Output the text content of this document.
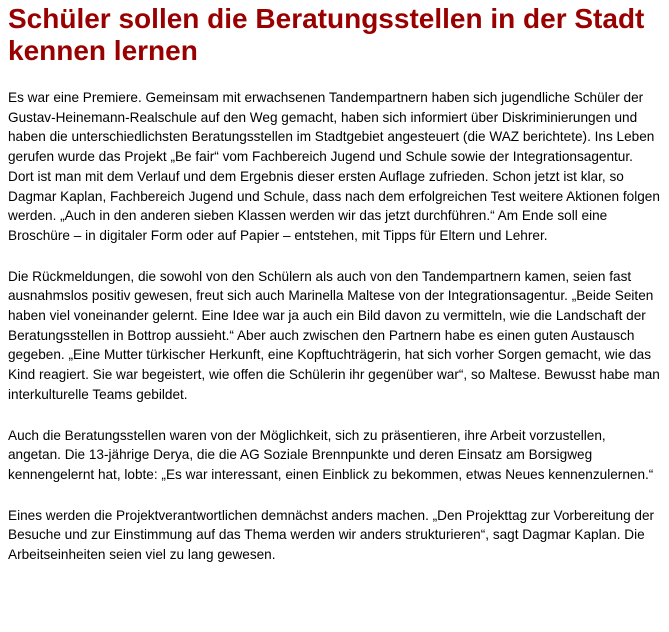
Schüler sollen die Beratungsstellen in der Stadt kennen lernen

Es war eine Premiere. Gemeinsam mit erwachsenen Tandempartnern haben sich jugendliche Schüler der Gustav-Heinemann-Realschule auf den Weg gemacht, haben sich informiert über Diskriminierungen und haben die unterschiedlichsten Beratungsstellen im Stadtgebiet angesteuert (die WAZ berichtete). Ins Leben gerufen wurde das Projekt „Be fair“ vom Fachbereich Jugend und Schule sowie der Integrationsagentur. Dort ist man mit dem Verlauf und dem Ergebnis dieser ersten Auflage zufrieden. Schon jetzt ist klar, so Dagmar Kaplan, Fachbereich Jugend und Schule, dass nach dem erfolgreichen Test weitere Aktionen folgen werden. „Auch in den anderen sieben Klassen werden wir das jetzt durchführen.“ Am Ende soll eine Broschüre – in digitaler Form oder auf Papier – entstehen, mit Tipps für Eltern und Lehrer.

Die Rückmeldungen, die sowohl von den Schülern als auch von den Tandempartnern kamen, seien fast ausnahmslos positiv gewesen, freut sich auch Marinella Maltese von der Integrationsagentur. „Beide Seiten haben viel voneinander gelernt. Eine Idee war ja auch ein Bild davon zu vermitteln, wie die Landschaft der Beratungsstellen in Bottrop aussieht.“ Aber auch zwischen den Partnern habe es einen guten Austausch gegeben. „Eine Mutter türkischer Herkunft, eine Kopftuchträgerin, hat sich vorher Sorgen gemacht, wie das Kind reagiert. Sie war begeistert, wie offen die Schülerin ihr gegenüber war“, so Maltese. Bewusst habe man interkulturelle Teams gebildet.

Auch die Beratungsstellen waren von der Möglichkeit, sich zu präsentieren, ihre Arbeit vorzustellen, angetan. Die 13-jährige Derya, die die AG Soziale Brennpunkte und deren Einsatz am Borsigweg kennengelernt hat, lobte: „Es war interessant, einen Einblick zu bekommen, etwas Neues kennenzulernen.“

Eines werden die Projektverantwortlichen demnächst anders machen. „Den Projekttag zur Vorbereitung der Besuche und zur Einstimmung auf das Thema werden wir anders strukturieren“, sagt Dagmar Kaplan. Die Arbeitseinheiten seien viel zu lang gewesen.
